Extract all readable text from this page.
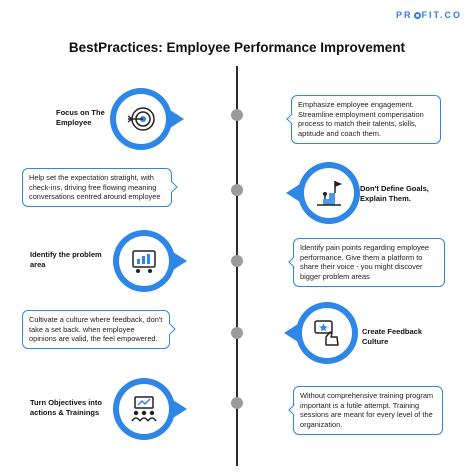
PR FIT.CO
BestPractices: Employee Performance Improvement
Focus on The Employee
Emphasize employee engagement. Streamline employment compensation process to match their talents, skills, aptitude and coach them.
Help set the expectation stratight, with check-ins, driving free flowing meaning conversations centred around employee
Don't Define Goals, Explain Them.
Identify the problem area
Identify pain points regarding employee performance. Give them a platform to share their voice - you might discover bigger problem areas
Cultivate a culture where feedback, don't take a set back. when employee opinions are valid, the feel empowered.
Create Feedback Culture
Turn Objectives into actions & Trainings
Without comprehensive training program important is a futile attempt. Training sessions are meant for every level of the organization.
